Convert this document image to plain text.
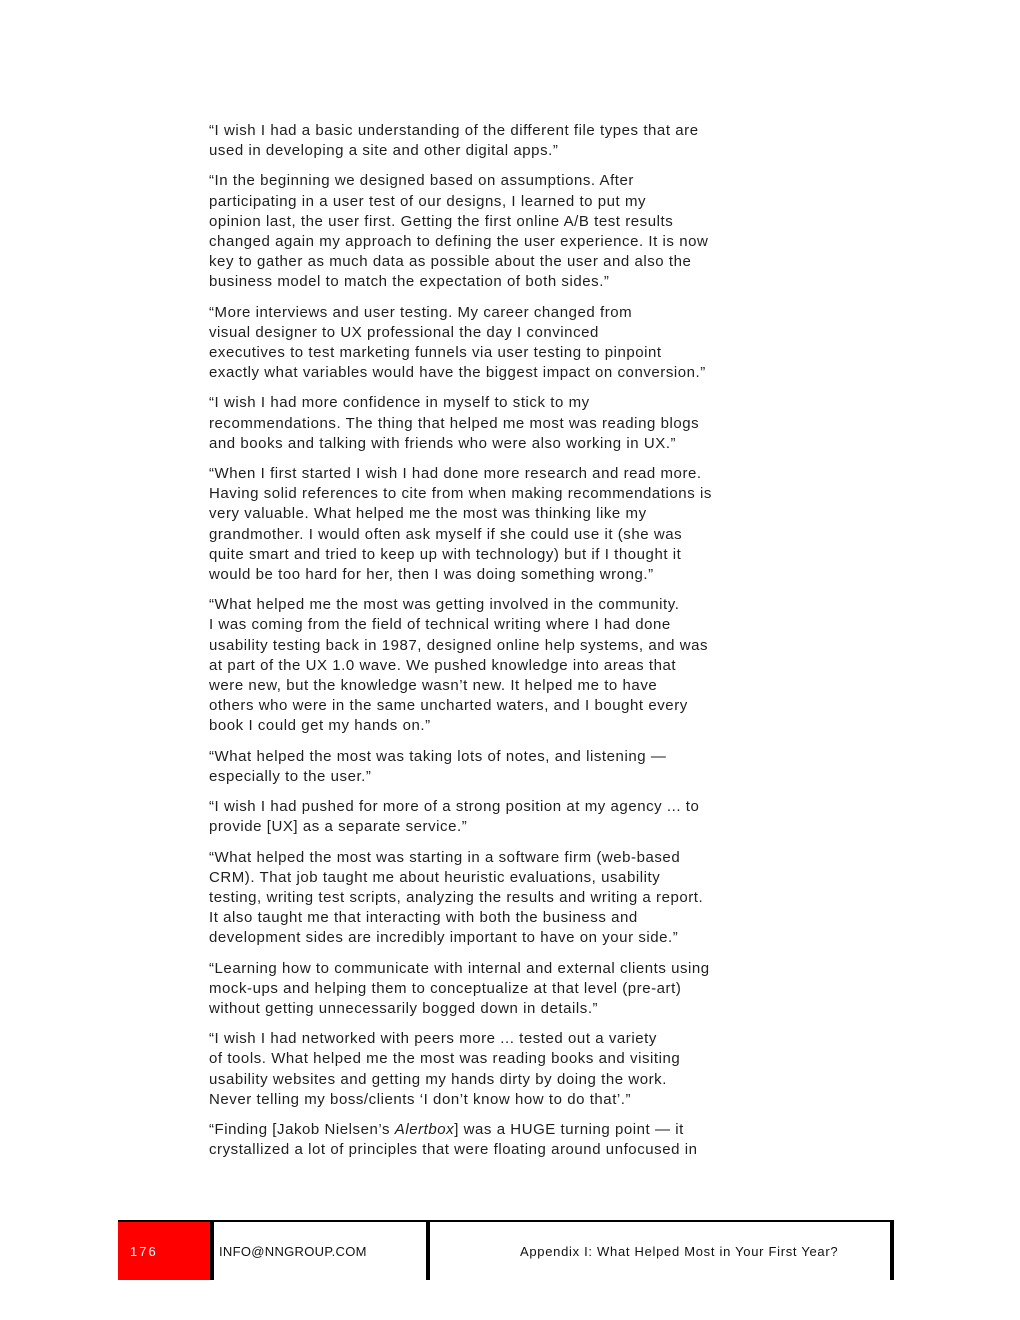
“I wish I had a basic understanding of the different file types that are
used in developing a site and other digital apps.”
“In the beginning we designed based on assumptions. After
participating in a user test of our designs, I learned to put my
opinion last, the user first. Getting the first online A/B test results
changed again my approach to defining the user experience. It is now
key to gather as much data as possible about the user and also the
business model to match the expectation of both sides.”
“More interviews and user testing. My career changed from
visual designer to UX professional the day I convinced
executives to test marketing funnels via user testing to pinpoint
exactly what variables would have the biggest impact on conversion.”
“I wish I had more confidence in myself to stick to my
recommendations. The thing that helped me most was reading blogs
and books and talking with friends who were also working in UX.”
“When I first started I wish I had done more research and read more.
Having solid references to cite from when making recommendations is
very valuable. What helped me the most was thinking like my
grandmother. I would often ask myself if she could use it (she was
quite smart and tried to keep up with technology) but if I thought it
would be too hard for her, then I was doing something wrong.”
“What helped me the most was getting involved in the community.
I was coming from the field of technical writing where I had done
usability testing back in 1987, designed online help systems, and was
at part of the UX 1.0 wave. We pushed knowledge into areas that
were new, but the knowledge wasn’t new. It helped me to have
others who were in the same uncharted waters, and I bought every
book I could get my hands on.”
“What helped the most was taking lots of notes, and listening —
especially to the user.”
“I wish I had pushed for more of a strong position at my agency ... to
provide [UX] as a separate service.”
“What helped the most was starting in a software firm (web-based
CRM). That job taught me about heuristic evaluations, usability
testing, writing test scripts, analyzing the results and writing a report.
It also taught me that interacting with both the business and
development sides are incredibly important to have on your side.”
“Learning how to communicate with internal and external clients using
mock-ups and helping them to conceptualize at that level (pre-art)
without getting unnecessarily bogged down in details.”
“I wish I had networked with peers more ... tested out a variety
of tools. What helped me the most was reading books and visiting
usability websites and getting my hands dirty by doing the work.
Never telling my boss/clients ‘I don’t know how to do that’.”
“Finding [Jakob Nielsen’s Alertbox] was a HUGE turning point — it
crystallized a lot of principles that were floating around unfocused in
176	INFO@NNGROUP.COM	Appendix I: What Helped Most in Your First Year?
